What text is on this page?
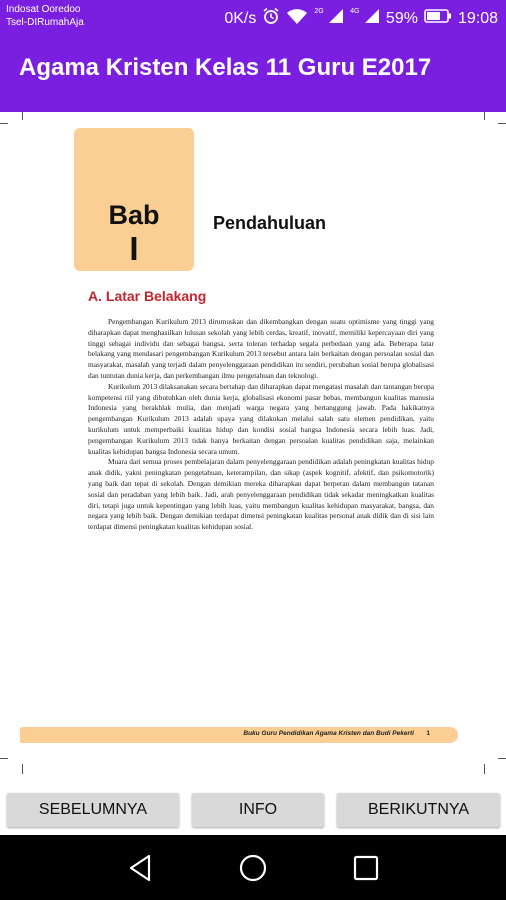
Indosat Ooredoo
Tsel-DIRumahAja	0K/s	$^{2G}$	$^{4G}$	59%	19:08
Agama Kristen Kelas 11 Guru E2017
Bab
I
Pendahuluan
A. Latar Belakang

Pengembangan Kurikulum 2013 dirumuskan dan dikembangkan dengan suatu optimisme yang tinggi yang diharapkan dapat menghasilkan lulusan sekolah yang lebih cerdas, kreatif, inovatif, memiliki kepercayaan diri yang tinggi sebagai individu dan sebagai bangsa, serta toleran terhadap segala perbedaan yang ada. Beberapa latar belakang yang mendasari pengembangan Kurikulum 2013 tersebut antara lain berkaitan dengan persoalan sosial dan masyarakat, masalah yang terjadi dalam penyelenggaraan pendidikan itu sendiri, perubahan sosial berupa globalisasi dan tuntutan dunia kerja, dan perkembangan ilmu pengetahuan dan teknologi.

Kurikulum 2013 dilaksanakan secara bertahap dan diharapkan dapat mengatasi masalah dan tantangan berupa kompetensi riil yang dibutuhkan oleh dunia kerja, globalisasi ekonomi pasar bebas, membangun kualitas manusia Indonesia yang berakhlak mulia, dan menjadi warga negara yang bertanggung jawab. Pada hakikatnya pengembangan Kurikulum 2013 adalah upaya yang dilakukan melalui salah satu elemen pendidikan, yaitu kurikulum untuk memperbaiki kualitas hidup dan kondisi sosial bangsa Indonesia secara lebih luas. Jadi, pengembangan Kurikulum 2013 tidak hanya berkaitan dengan persoalan kualitas pendidikan saja, melainkan kualitas kehidupan bangsa Indonesia secara umum.

Muara dari semua proses pembelajaran dalam penyelenggaraan pendidikan adalah peningkatan kualitas hidup anak didik, yakni peningkatan pengetahuan, keterampilan, dan sikap (aspek kognitif, afektif, dan psikomotorik) yang baik dan tepat di sekolah. Dengan demikian mereka diharapkan dapat berperan dalam membangun tatanan sosial dan peradaban yang lebih baik. Jadi, arah penyelenggaraan pendidikan tidak sekadar meningkatkan kualitas diri, tetapi juga untuk kepentingan yang lebih luas, yaitu membangun kualitas kehidupan masyarakat, bangsa, dan negara yang lebih baik. Dengan demikian terdapat dimensi peningkatan kualitas personal anak didik dan di sisi lain terdapat dimensi peningkatan kualitas kehidupan sosial.

Buku Guru Pendidikan Agama Kristen dan Budi Pekerti 1
SEBELUMNYA	INFO	BERIKUTNYA
